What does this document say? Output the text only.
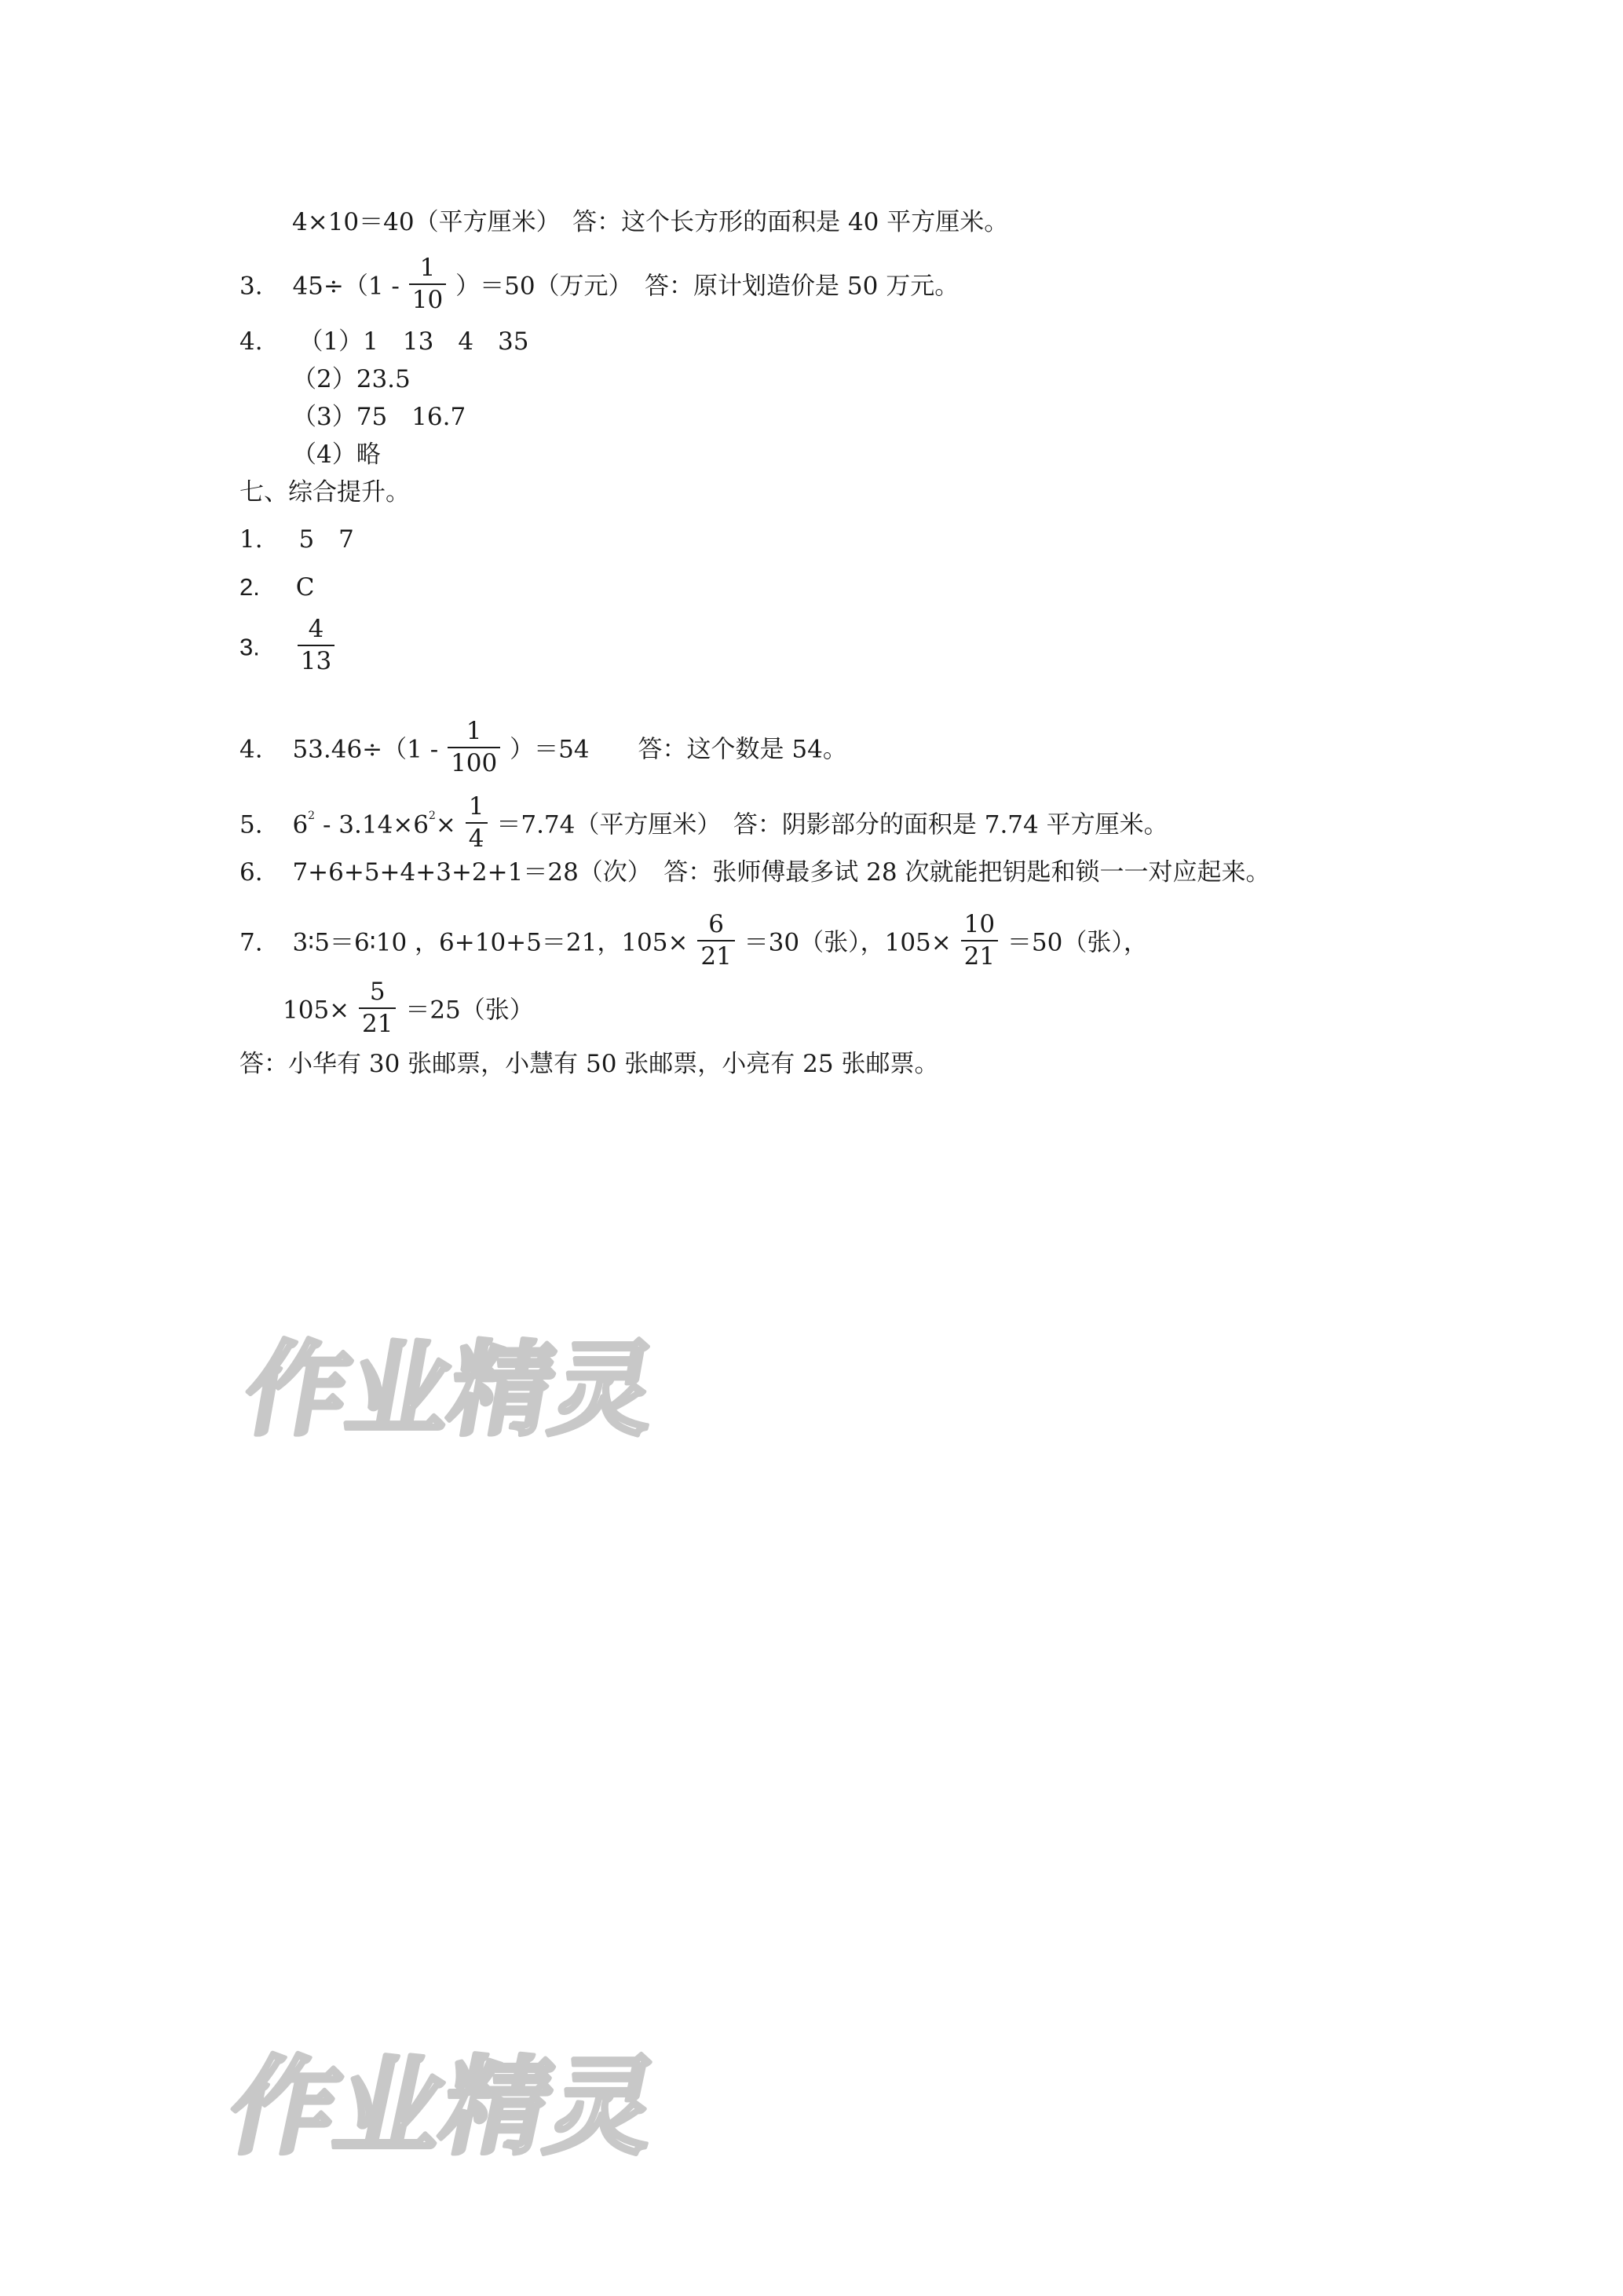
4×10＝40（平方厘米）　答：这个长方形的面积是 40 平方厘米。
3. $45\div(1 - \frac{1}{10} )=50$（万元）　答：原计划造价是 50 万元。
4. （1）1　13　4　35
（2）23.5
（3）75　16.7
（4）略
七、综合提升。
1. 5　7
2. C
3. $\frac{4}{13}$
4. $53.46\div(1 - \frac{1}{100} )=54$　　答：这个数是 54。
5. $6^2 - 3.14\times 6^2\times \frac{1}{4} =7.74$（平方厘米）　答：阴影部分的面积是 7.74 平方厘米。
6. 7+6+5+4+3+2+1＝28（次）　答：张师傅最多试 28 次就能把钥匙和锁一一对应起来。
7. 3∶5＝6∶10 ，6+10+5＝21，$105\times \frac{6}{21} =30$（张），$105\times \frac{10}{21} =50$（张），
$105\times \frac{5}{21} =25$（张）
答：小华有 30 张邮票，小慧有 50 张邮票，小亮有 25 张邮票。
作业精灵
作业精灵
